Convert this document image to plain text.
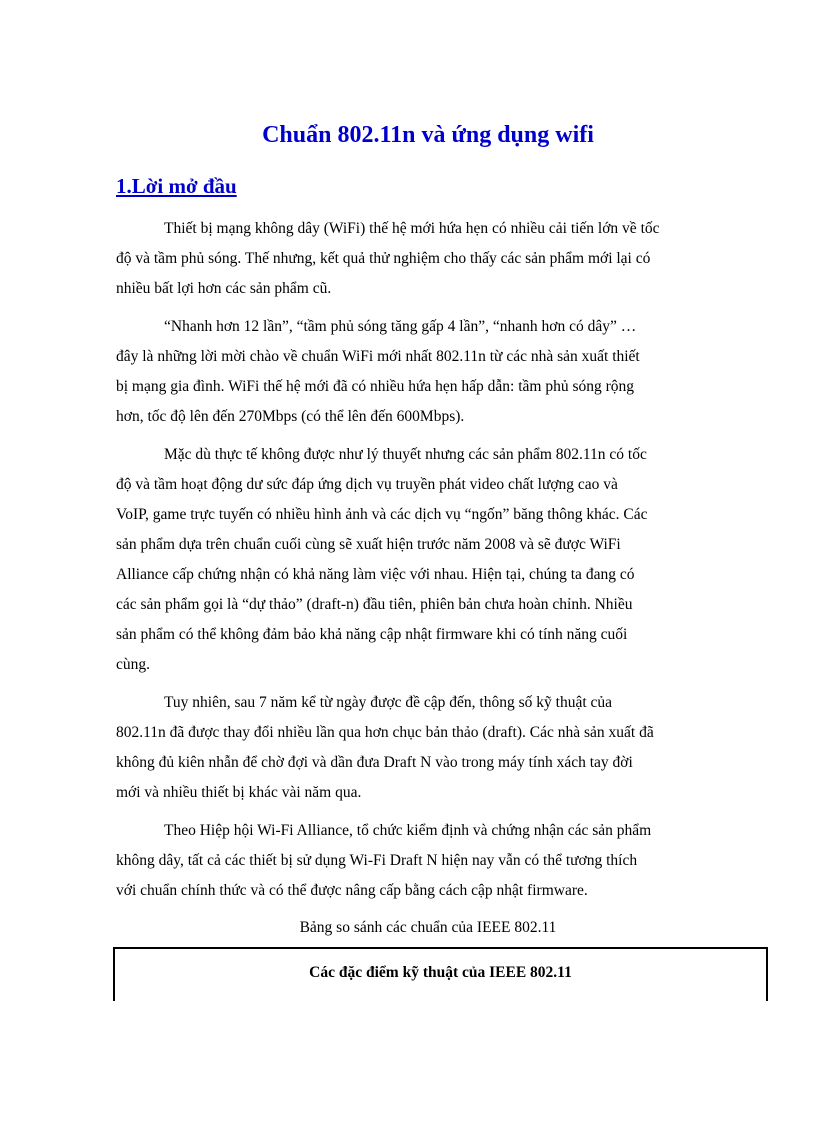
Chuẩn 802.11n và ứng dụng wifi
1.Lời mở đầu
Thiết bị mạng không dây (WiFi) thế hệ mới hứa hẹn có nhiều cải tiến lớn về tốc
độ và tầm phủ sóng. Thế nhưng, kết quả thử nghiệm cho thấy các sản phẩm mới lại có
nhiều bất lợi hơn các sản phẩm cũ.
“Nhanh hơn 12 lần”, “tầm phủ sóng tăng gấp 4 lần”, “nhanh hơn có dây” …
đây là những lời mời chào về chuẩn WiFi mới nhất 802.11n từ các nhà sản xuất thiết
bị mạng gia đình. WiFi thế hệ mới đã có nhiều hứa hẹn hấp dẫn: tầm phủ sóng rộng
hơn, tốc độ lên đến 270Mbps (có thể lên đến 600Mbps).
Mặc dù thực tế không được như lý thuyết nhưng các sản phẩm 802.11n có tốc
độ và tầm hoạt động dư sức đáp ứng dịch vụ truyền phát video chất lượng cao và
VoIP, game trực tuyến có nhiều hình ảnh và các dịch vụ “ngốn” băng thông khác. Các
sản phẩm dựa trên chuẩn cuối cùng sẽ xuất hiện trước năm 2008 và sẽ được WiFi
Alliance cấp chứng nhận có khả năng làm việc với nhau. Hiện tại, chúng ta đang có
các sản phẩm gọi là “dự thảo” (draft-n) đầu tiên, phiên bản chưa hoàn chỉnh. Nhiều
sản phẩm có thể không đảm bảo khả năng cập nhật firmware khi có tính năng cuối
cùng.
Tuy nhiên, sau 7 năm kể từ ngày được đề cập đến, thông số kỹ thuật của
802.11n đã được thay đổi nhiều lần qua hơn chục bản thảo (draft). Các nhà sản xuất đã
không đủ kiên nhẫn để chờ đợi và dần đưa Draft N vào trong máy tính xách tay đời
mới và nhiều thiết bị khác vài năm qua.
Theo Hiệp hội Wi-Fi Alliance, tổ chức kiểm định và chứng nhận các sản phẩm
không dây, tất cả các thiết bị sử dụng Wi-Fi Draft N hiện nay vẫn có thể tương thích
với chuẩn chính thức và có thể được nâng cấp bằng cách cập nhật firmware.
Bảng so sánh các chuẩn của IEEE 802.11
Các đặc điểm kỹ thuật của IEEE 802.11
